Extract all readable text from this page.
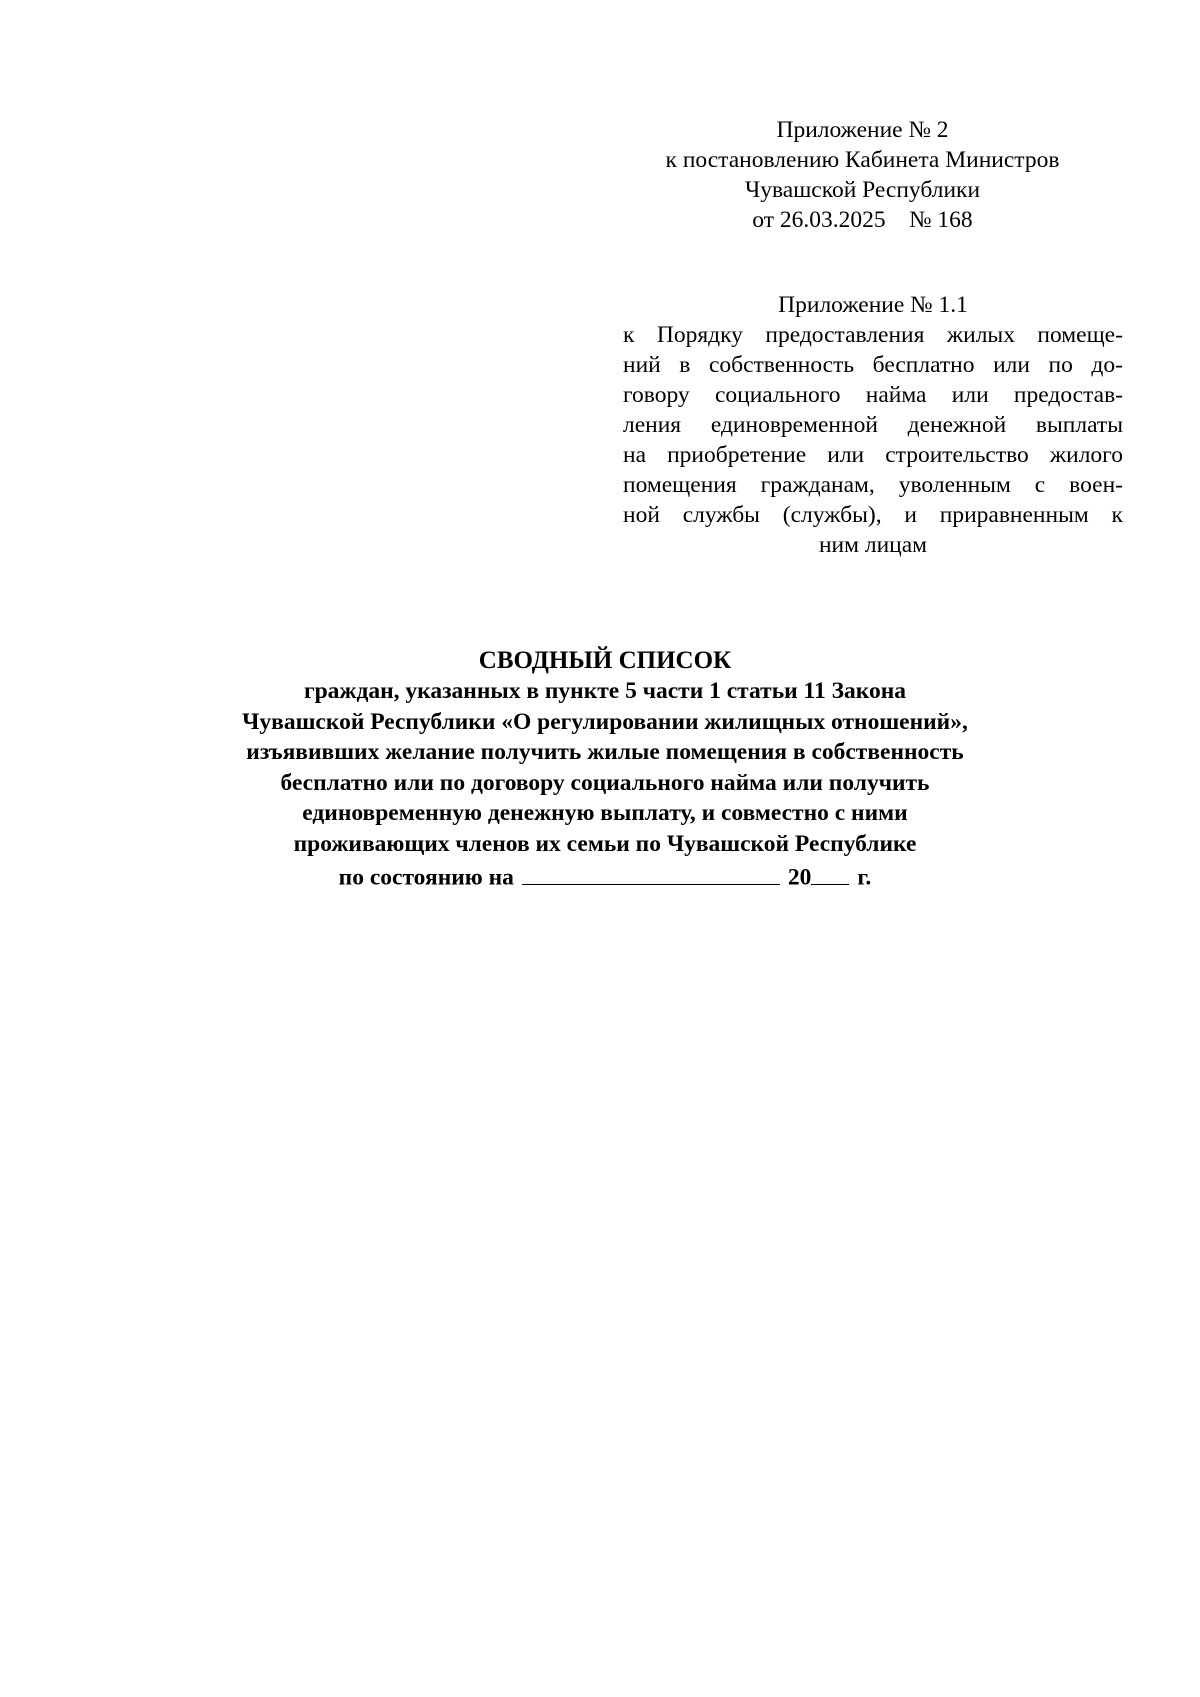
Приложение № 2
к постановлению Кабинета Министров
Чувашской Республики
от 26.03.2025    № 168
Приложение № 1.1
к Порядку предоставления жилых помеще-
ний в собственность бесплатно или по до-
говору социального найма или предостав-
ления единовременной денежной выплаты
на приобретение или строительство жилого
помещения гражданам, уволенным с воен-
ной службы (службы), и приравненным к
ним лицам
СВОДНЫЙ СПИСОК
граждан, указанных в пункте 5 части 1 статьи 11 Закона
Чувашской Республики «О регулировании жилищных отношений»,
изъявивших желание получить жилые помещения в собственность
бесплатно или по договору социального найма или получить
единовременную денежную выплату, и совместно с ними
проживающих членов их семьи по Чувашской Республике
по состоянию на	20 г.
